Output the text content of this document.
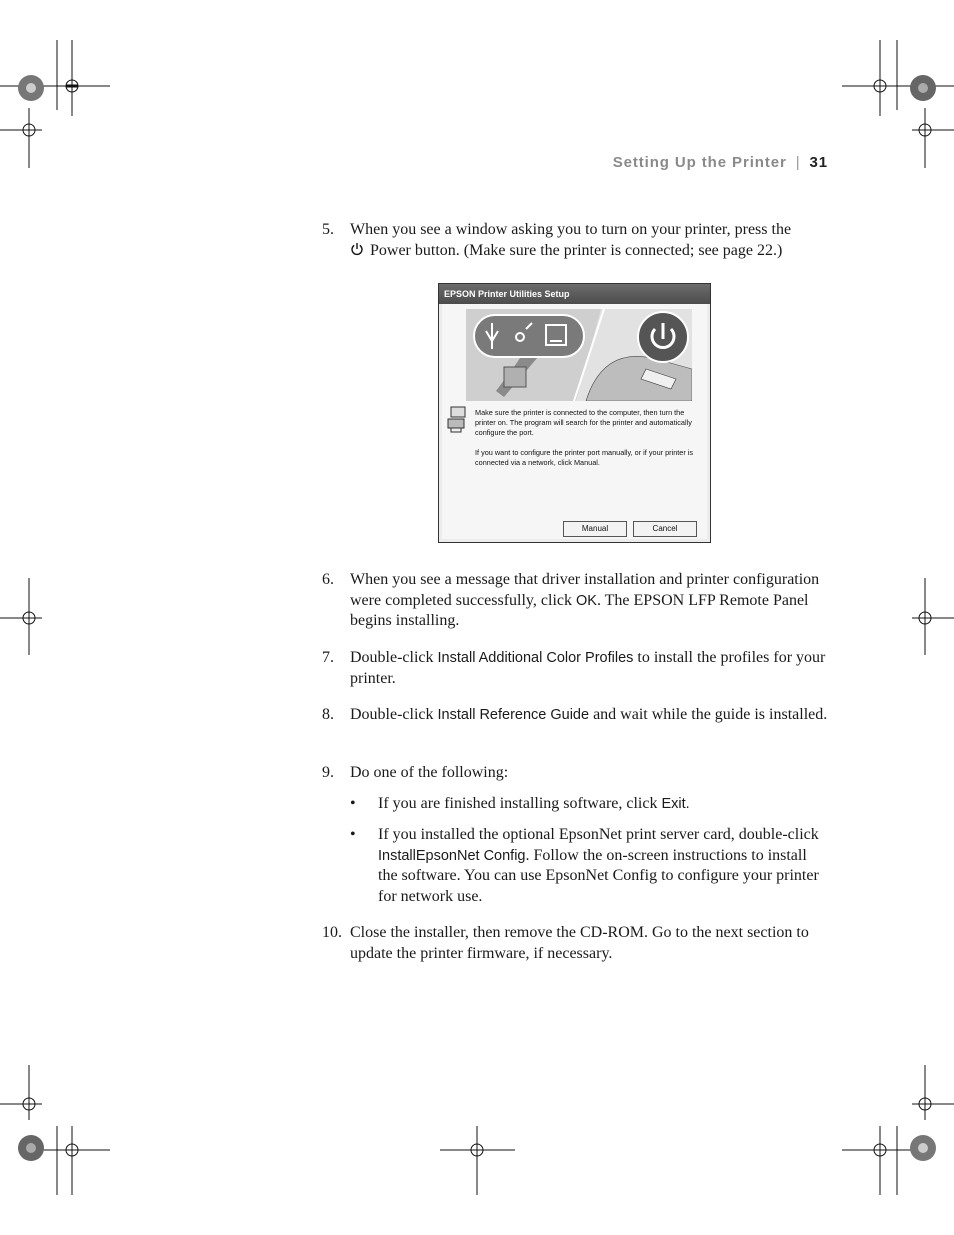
Setting Up the Printer | 31
5. When you see a window asking you to turn on your printer, press the
Power button. (Make sure the printer is connected; see page 22.)
EPSON Printer Utilities Setup
Make sure the printer is connected to the computer, then turn the printer on. The program will search for the printer and automatically configure the port.
If you want to configure the printer port manually, or if your printer is connected via a network, click Manual.
Manual	Cancel
6. When you see a message that driver installation and printer configuration were completed successfully, click OK. The EPSON LFP Remote Panel begins installing.
7. Double-click Install Additional Color Profiles to install the profiles for your printer.
8. Double-click Install Reference Guide and wait while the guide is installed.
9. Do one of the following:
• If you are finished installing software, click Exit.
• If you installed the optional EpsonNet print server card, double-click InstallEpsonNet Config. Follow the on-screen instructions to install the software. You can use EpsonNet Config to configure your printer for network use.
10. Close the installer, then remove the CD-ROM. Go to the next section to update the printer firmware, if necessary.
